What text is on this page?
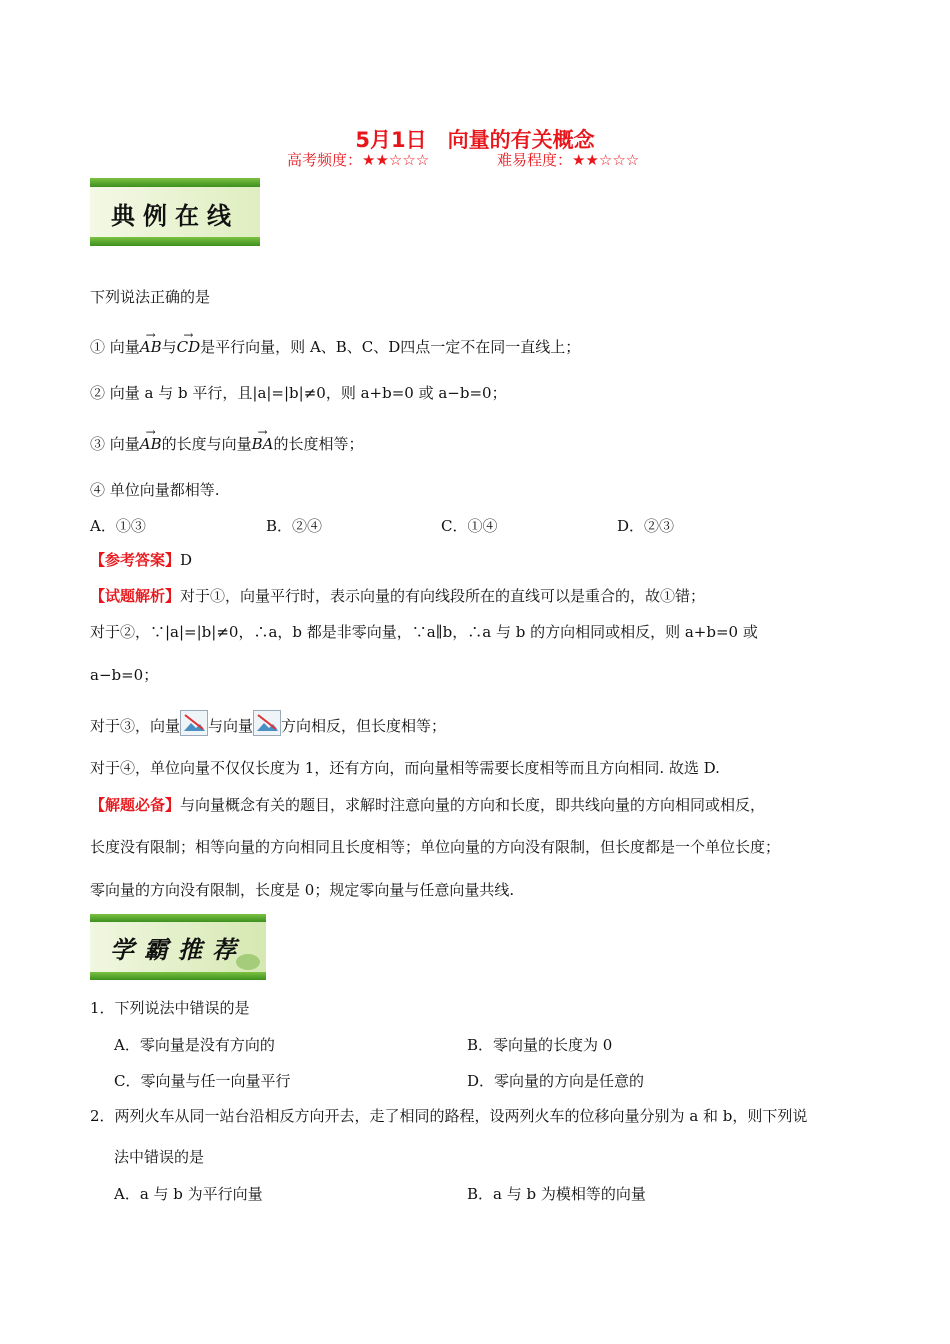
5月1日　向量的有关概念
高考频度：★★☆☆☆	难易程度：★★☆☆☆
典例在线
下列说法正确的是
① 向量
→
AB与
→
CD是平行向量，则 A、B、C、D四点一定不在同一直线上；
② 向量 a 与 b 平行，且|a|=|b|≠0，则 a+b=0 或 a−b=0；
③ 向量
→
AB的长度与向量
→
BA的长度相等；
④ 单位向量都相等.
A．①③	B．②④	C．①④	D．②③
【参考答案】D
【试题解析】对于①，向量平行时，表示向量的有向线段所在的直线可以是重合的，故①错；
对于②，∵|a|=|b|≠0，∴a，b 都是非零向量，∵a∥b，∴a 与 b 的方向相同或相反，则 a+b=0 或
a−b=0；
对于③，向量 与向量 方向相反，但长度相等；
对于④，单位向量不仅仅长度为 1，还有方向，而向量相等需要长度相等而且方向相同. 故选 D.
【解题必备】与向量概念有关的题目，求解时注意向量的方向和长度，即共线向量的方向相同或相反，
长度没有限制；相等向量的方向相同且长度相等；单位向量的方向没有限制，但长度都是一个单位长度；
零向量的方向没有限制，长度是 0；规定零向量与任意向量共线.
学霸推荐
1．下列说法中错误的是
A．零向量是没有方向的	B．零向量的长度为 0
C．零向量与任一向量平行	D．零向量的方向是任意的
2．两列火车从同一站台沿相反方向开去，走了相同的路程，设两列火车的位移向量分别为 a 和 b，则下列说
法中错误的是
A．a 与 b 为平行向量	B．a 与 b 为模相等的向量
